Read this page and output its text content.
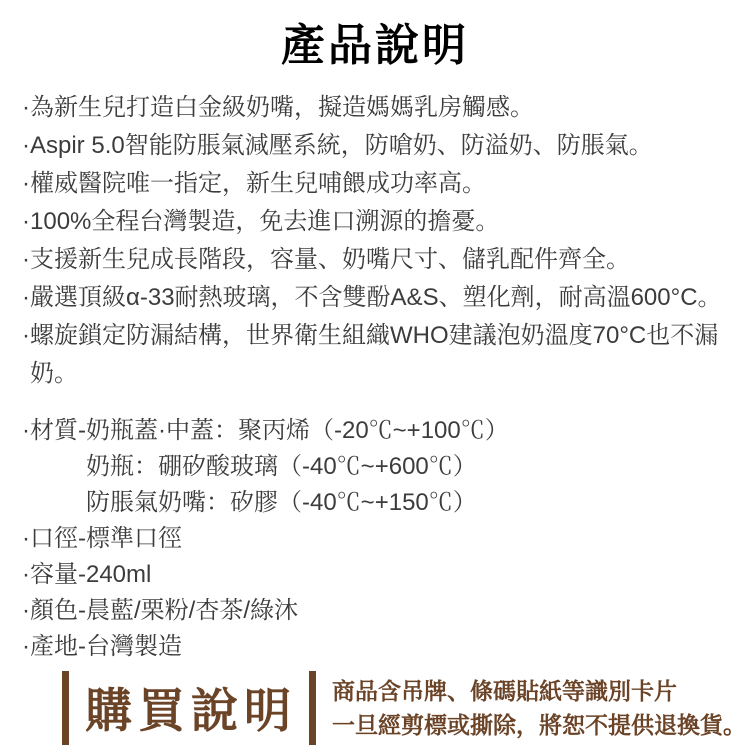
產品說明

·為新生兒打造白金級奶嘴，擬造媽媽乳房觸感。

·Aspir 5.0智能防脹氣減壓系統，防嗆奶、防溢奶、防脹氣。

·權威醫院唯一指定，新生兒哺餵成功率高。

·100%全程台灣製造，免去進口溯源的擔憂。

·支援新生兒成長階段，容量、奶嘴尺寸、儲乳配件齊全。

·嚴選頂級α-33耐熱玻璃，不含雙酚A&S、塑化劑，耐高溫600°C。

·螺旋鎖定防漏結構，世界衛生組織WHO建議泡奶溫度70°C也不漏奶。

·材質-奶瓶蓋·中蓋：聚丙烯（-20℃~+100℃）

奶瓶：硼矽酸玻璃（-40℃~+600℃）

防脹氣奶嘴：矽膠（-40℃~+150℃）

·口徑-標準口徑

·容量-240ml

·顏色-晨藍/栗粉/杏茶/綠沐

·產地-台灣製造

購買說明 商品含吊牌、條碼貼紙等識別卡片

一旦經剪標或撕除，將恕不提供退換貨。
